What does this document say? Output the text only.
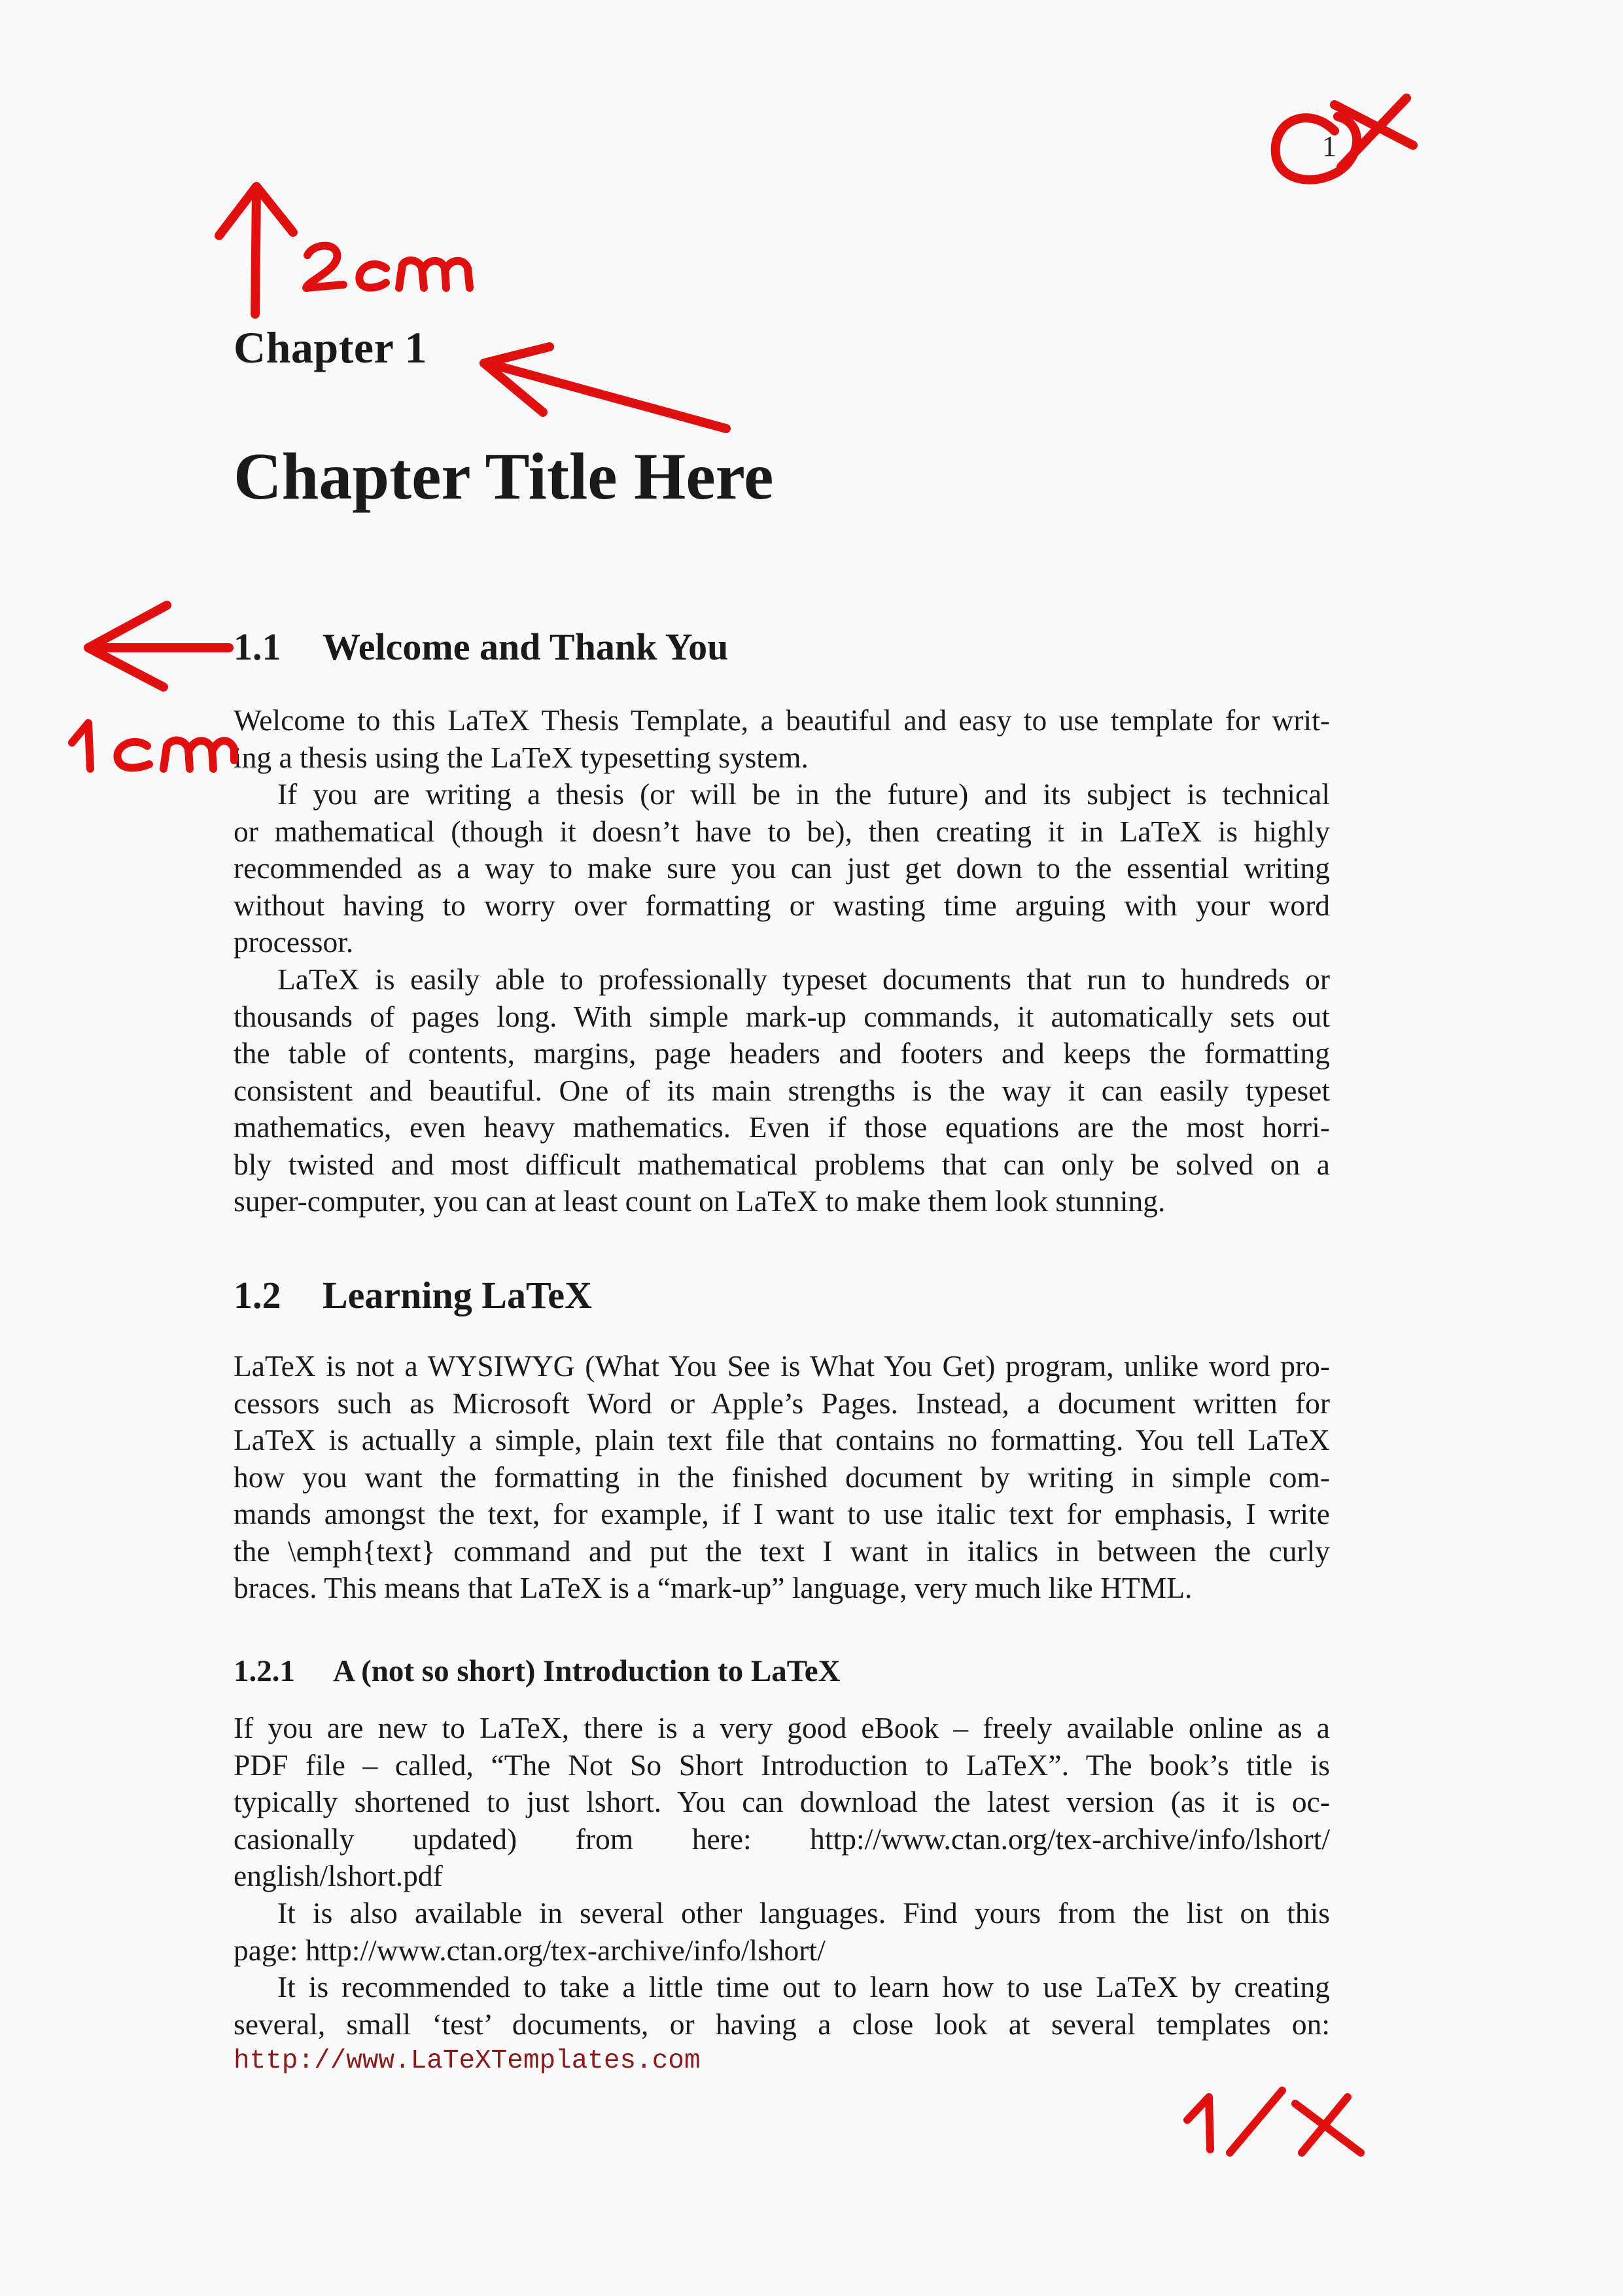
1
Chapter 1
Chapter Title Here
1.1 Welcome and Thank You
Welcome to this LaTeX Thesis Template, a beautiful and easy to use template for writ-
ing a thesis using the LaTeX typesetting system.
If you are writing a thesis (or will be in the future) and its subject is technical
or mathematical (though it doesn’t have to be), then creating it in LaTeX is highly
recommended as a way to make sure you can just get down to the essential writing
without having to worry over formatting or wasting time arguing with your word
processor.
LaTeX is easily able to professionally typeset documents that run to hundreds or
thousands of pages long. With simple mark-up commands, it automatically sets out
the table of contents, margins, page headers and footers and keeps the formatting
consistent and beautiful. One of its main strengths is the way it can easily typeset
mathematics, even heavy mathematics. Even if those equations are the most horri-
bly twisted and most difficult mathematical problems that can only be solved on a
super-computer, you can at least count on LaTeX to make them look stunning.
1.2 Learning LaTeX
LaTeX is not a WYSIWYG (What You See is What You Get) program, unlike word pro-
cessors such as Microsoft Word or Apple’s Pages. Instead, a document written for
LaTeX is actually a simple, plain text file that contains no formatting. You tell LaTeX
how you want the formatting in the finished document by writing in simple com-
mands amongst the text, for example, if I want to use italic text for emphasis, I write
the \emph{text} command and put the text I want in italics in between the curly
braces. This means that LaTeX is a “mark-up” language, very much like HTML.
1.2.1 A (not so short) Introduction to LaTeX
If you are new to LaTeX, there is a very good eBook – freely available online as a
PDF file – called, “The Not So Short Introduction to LaTeX”. The book’s title is
typically shortened to just lshort. You can download the latest version (as it is oc-
casionally updated) from here: http://www.ctan.org/tex-archive/info/lshort/
english/lshort.pdf
It is also available in several other languages. Find yours from the list on this
page: http://www.ctan.org/tex-archive/info/lshort/
It is recommended to take a little time out to learn how to use LaTeX by creating
several, small ‘test’ documents, or having a close look at several templates on:
http://www.LaTeXTemplates.com
